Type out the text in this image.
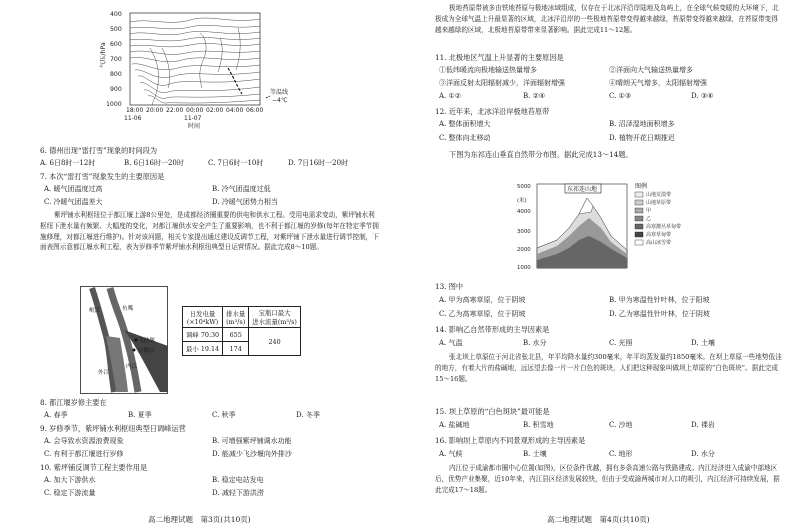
400
500
600
700
800
900
1000
气压/hPa
18:00 20:00 22:00 00:00 02:00 04:00 06:00
11-06	11-07
时间
等温线
−4℃
6. 德州出现“雷打雪”现象的时间段为
A. 6日8时一12时	B. 6日16时一20时	C. 7日6时一10时	D. 7日16时一20时
7. 本次“雷打雪”现象发生的主要原因是
A. 暖气团温度过高	B. 冷气团温度过低
C. 冷暖气团温差大	D. 冷暖气团势力相当
紫坪铺水利枢纽位于都江堰上游8公里处，是成都经济圈重要的供电和供水工程。受用电需求变动，紫坪铺水利枢纽下泄水量有频繁、大幅度的变化，对都江堰供水安全产生了重要影响，也不利于都江堰的岁修(每年在特定季节拥施修理，对都江堰进行维护)。针对该问题，相关专家提出通过建设反调节工程，对紫坪铺下泄水量进行调节控制，下面表图示意都江堰水利工程，表为岁修季节紫坪铺水利枢纽典型日运营情况。据此完成8～10题。
岷江	鱼嘴
飞沙堰
宝瓶口
内江
外江
日发电量
(×10⁴kW)	排水量
(m³/s)	宝瓶口最大
进水流量(m³/s)
调峰 70.30	655	240
最小 19.14	174	
8. 都江堰岁修主要在
A. 春季	B. 夏季	C. 秋季	D. 冬季
9. 岁修季节，紫坪铺水利枢纽典型日调峰运营
A. 会导致水资源浪费现象	B. 可增强紫坪铺调水功能
C. 有利于都江堰进行岁修	D. 能减少飞沙堰向外排沙
10. 紫坪铺反调节工程主要作用是
A. 加大下游供水	B. 稳定电站发电
C. 稳定下游流量	D. 减轻下游洪涝
高二地理试题　第3页(共10页)
极地苔原带被多由铁地苔原与极地冰域组成，仅存在于北冰洋沿岸陆地及岛屿上，在全球气候变暖的大环境下，北极成为全球气温上升最显著的区域，北冰洋沿岸的一些极地苔原带变得越来越绿，苔原带变得越来越绿，在苔原带变得越来越绿的区域，北极地苔原带带来显著影响。据此完成11～12题。
11. 北极地区气温上升显著的主要原因是
①低纬暖流向极地输送热量增多	②洋面向大气输送热量增多
③洋面反射太阳辐射减少，洋面辐射增强	④晴朗天气增多，太阳辐射增强
A. ①②	B. ②④	C. ①③	D. ③④
12. 近年来，北冰洋沿岸极地苔原带
A. 整体面积增大	B. 沼泽湿地面积增多
C. 整体向北移动	D. 植物开花日期推迟
下图为东祁连山垂直自然带分布图。据此完成13～14题。
(米)
5000
4000
3000
2000
1000
东祁连山地	图例
山地荒漠带
山地草原带
甲
乙
高寒灌丛草甸带
高寒草甸带
高山冰雪带
13. 图中
A. 甲为高寒草原，位于阴坡	B. 甲为寒温性针叶林，位于阳坡
C. 乙为高寒草原，位于阴坡	D. 乙为寒温性针叶林，位于阴坡
14. 影响乙自然带形成的主导因素是
A. 气温	B. 水分	C. 光照	D. 土壤
张北坝上草原位于河北省张北县，年平均降水量约300毫米，年平均蒸发量约1850毫米。在坝上草原一些地势低洼的地方，有着大片的盐碱地，远远望去像一片一片白色的斑块，人们把这种现象叫做坝上草原的“白色斑块”。据此完成15～16题。
15. 坝上草原的“白色斑块”最可能是
A. 盐碱地	B. 积雪地	C. 沙地	D. 裸岩
16. 影响坝上草原内不同景观形成的主导因素是
A. 气候	B. 土壤	C. 地形	D. 水分
内江位于成渝都市圈中心位置(如图)，区位条件优越，拥有多条高速公路与铁路建成。内江经济进入成渝中部地区后，优势产业集聚，近10年来，内江县区经济发展较快，但由于受成渝两城市对人口的吸引，内江经济可持续发展，据此完成17～18题。
高二地理试题　第4页(共10页)
